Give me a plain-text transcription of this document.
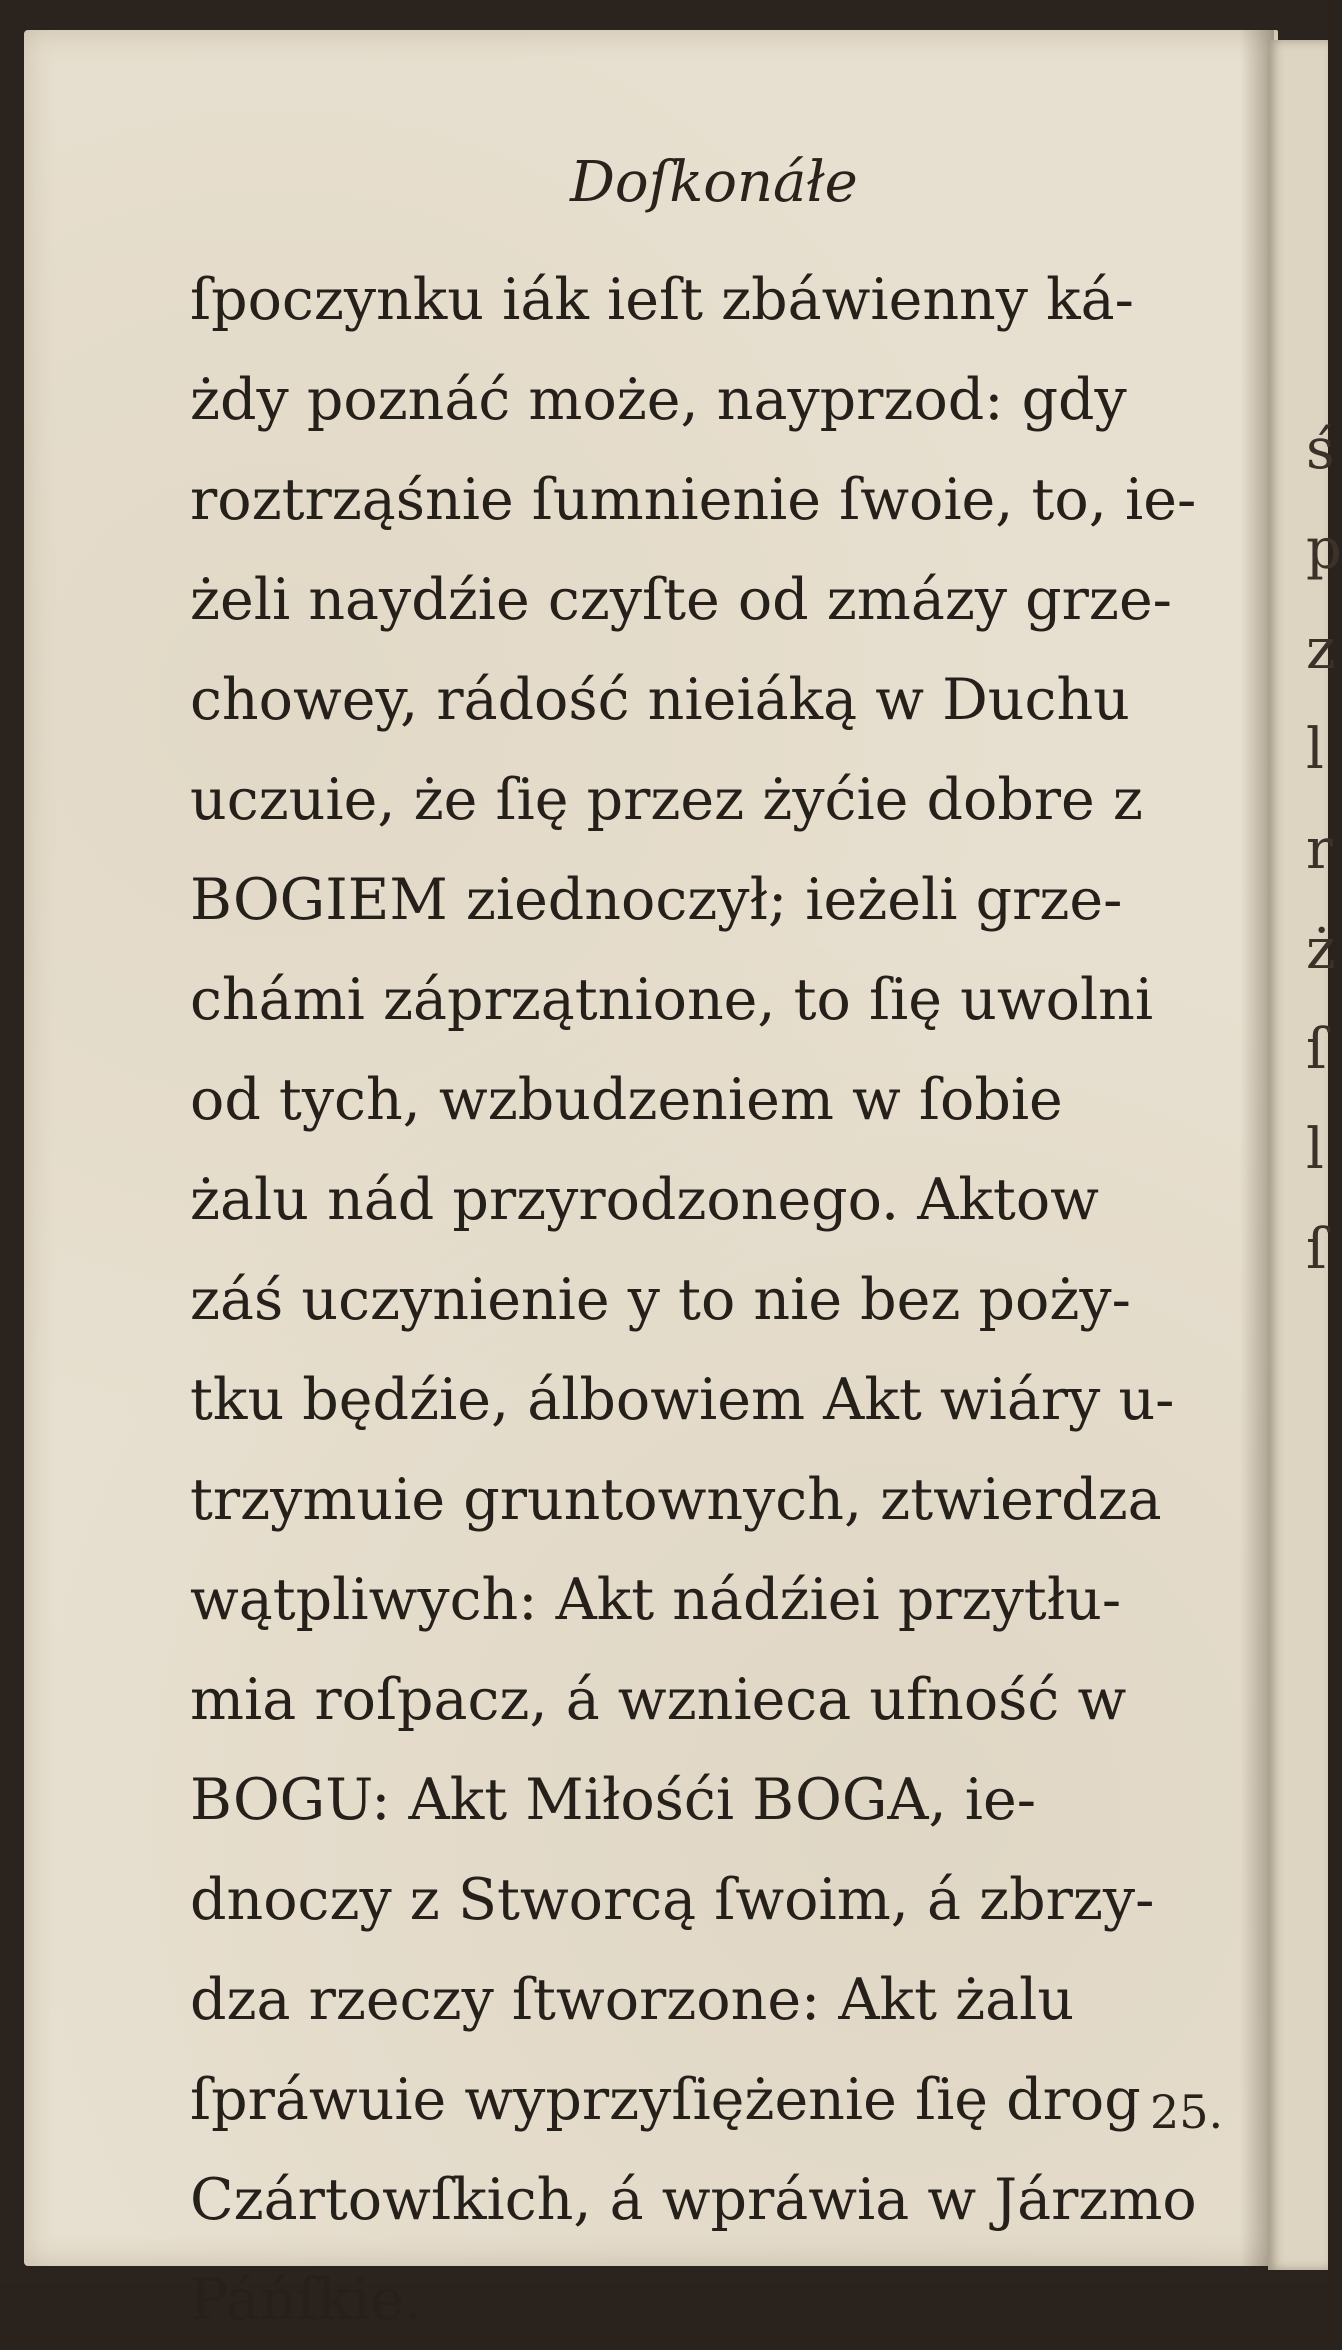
ś
p
z
l
r
ż
ſ
l
ſ
Doſkonáłe
ſpoczynku iák ieſt zbáwienny ká-
żdy poznáć może, nayprzod: gdy
roztrząśnie ſumnienie ſwoie, to, ie-
żeli naydźie czyſte od zmázy grze-
chowey, rádość nieiáką w Duchu
uczuie, że ſię przez żyćie dobre z
BOGIEM ziednoczył; ieżeli grze-
chámi záprzątnione, to ſię uwolni
od tych, wzbudzeniem w ſobie
żalu nád przyrodzonego. Aktow
záś uczynienie y to nie bez poży-
tku będźie, álbowiem Akt wiáry u-
trzymuie gruntownych, ztwierdza
wątpliwych: Akt nádźiei przytłu-
mia roſpacz, á wznieca ufność w
BOGU: Akt Miłośći BOGA, ie-
dnoczy z Stworcą ſwoim, á zbrzy-
dza rzeczy ſtworzone: Akt żalu
ſpráwuie wyprzyſiężenie ſię drog
Czártowſkich, á wpráwia w Járzmo
Páńſkie.
25.
